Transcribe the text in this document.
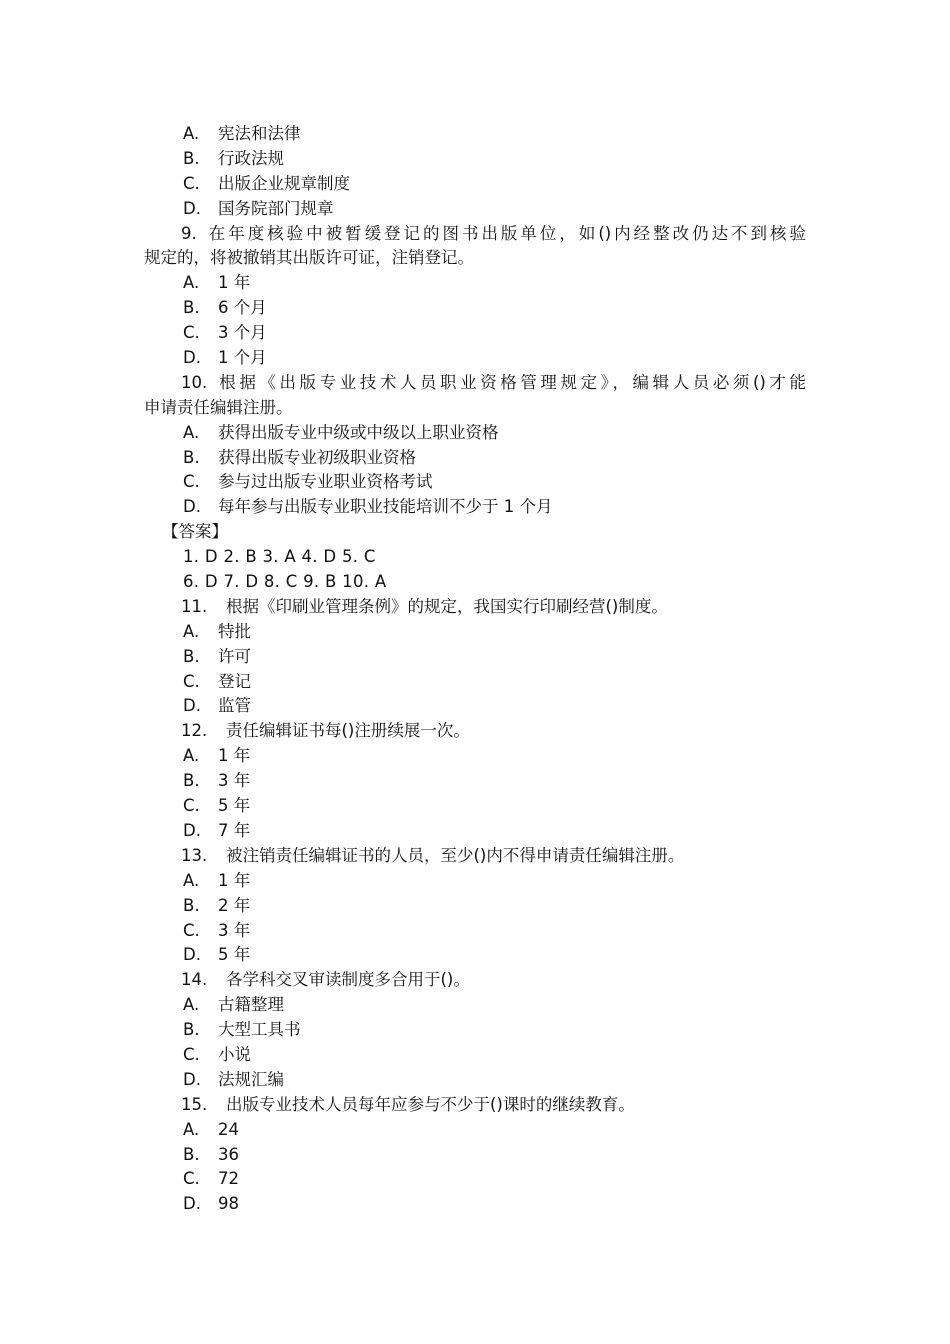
A. 宪法和法律
B. 行政法规
C. 出版企业规章制度
D. 国务院部门规章
9. 在年度核验中被暂缓登记的图书出版单位，如()内经整改仍达不到核验
规定的，将被撤销其出版许可证，注销登记。
A. 1 年
B. 6 个月
C. 3 个月
D. 1 个月
10. 根据《出版专业技术人员职业资格管理规定》，编辑人员必须()才能
申请责任编辑注册。
A. 获得出版专业中级或中级以上职业资格
B. 获得出版专业初级职业资格
C. 参与过出版专业职业资格考试
D. 每年参与出版专业职业技能培训不少于 1 个月
【答案】
1. D 2. B 3. A 4. D 5. C
6. D 7. D 8. C 9. B 10. A
11. 根据《印刷业管理条例》的规定，我国实行印刷经营()制度。
A. 特批
B. 许可
C. 登记
D. 监管
12. 责任编辑证书每()注册续展一次。
A. 1 年
B. 3 年
C. 5 年
D. 7 年
13. 被注销责任编辑证书的人员，至少()内不得申请责任编辑注册。
A. 1 年
B. 2 年
C. 3 年
D. 5 年
14. 各学科交叉审读制度多合用于()。
A. 古籍整理
B. 大型工具书
C. 小说
D. 法规汇编
15. 出版专业技术人员每年应参与不少于()课时的继续教育。
A. 24
B. 36
C. 72
D. 98
